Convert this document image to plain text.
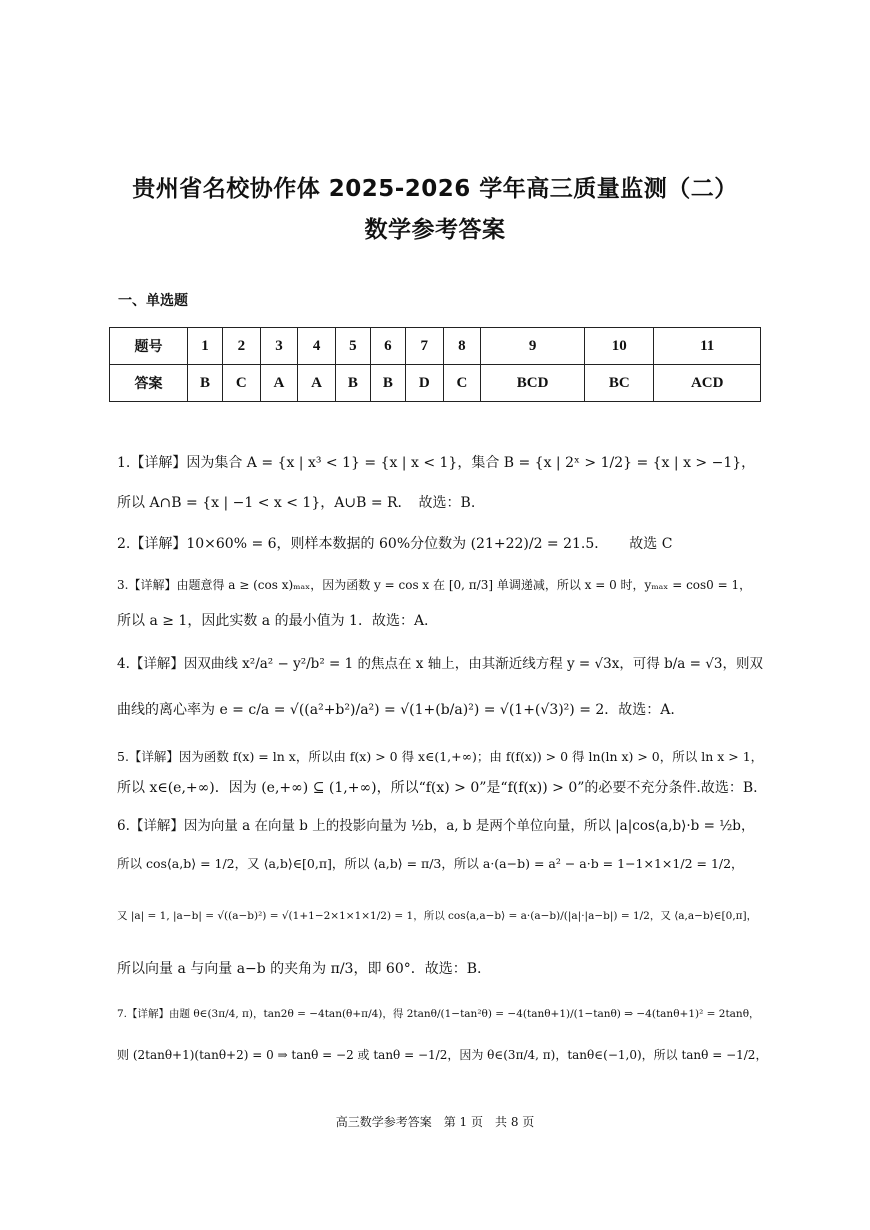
贵州省名校协作体 2025-2026 学年高三质量监测（二）
数学参考答案
一、单选题
题号	1	2	3	4	5	6	7	8	9	10	11
答案	B	C	A	A	B	B	D	C	BCD	BC	ACD
1.【详解】因为集合 A = {x | x³ < 1} = {x | x < 1}，集合 B = {x | 2ˣ > 1/2} = {x | x > −1}，
所以 A∩B = {x | −1 < x < 1}，A∪B = R．　故选：B.
2.【详解】10×60% = 6，则样本数据的 60%分位数为 (21+22)/2 = 21.5．　　故选 C
3.【详解】由题意得 a ≥ (cos x)ₘₐₓ，因为函数 y = cos x 在 [0, π/3] 单调递减，所以 x = 0 时，yₘₐₓ = cos0 = 1，
所以 a ≥ 1，因此实数 a 的最小值为 1．故选：A.
4.【详解】因双曲线 x²/a² − y²/b² = 1 的焦点在 x 轴上，由其渐近线方程 y = √3x，可得 b/a = √3，则双
曲线的离心率为 e = c/a = √((a²+b²)/a²) = √(1+(b/a)²) = √(1+(√3)²) = 2．故选：A.
5.【详解】因为函数 f(x) = ln x，所以由 f(x) > 0 得 x∈(1,+∞)；由 f(f(x)) > 0 得 ln(ln x) > 0，所以 ln x > 1，
所以 x∈(e,+∞)．因为 (e,+∞) ⊆ (1,+∞)，所以“f(x) > 0”是“f(f(x)) > 0”的必要不充分条件.故选：B.
6.【详解】因为向量 a 在向量 b 上的投影向量为 ½b，a, b 是两个单位向量，所以 |a|cos⟨a,b⟩·b = ½b，
所以 cos⟨a,b⟩ = 1/2，又 ⟨a,b⟩∈[0,π]，所以 ⟨a,b⟩ = π/3，所以 a·(a−b) = a² − a·b = 1−1×1×1/2 = 1/2，
又 |a| = 1, |a−b| = √((a−b)²) = √(1+1−2×1×1×1/2) = 1，所以 cos⟨a,a−b⟩ = a·(a−b)/(|a|·|a−b|) = 1/2，又 ⟨a,a−b⟩∈[0,π]，
所以向量 a 与向量 a−b 的夹角为 π/3，即 60°．故选：B.
7.【详解】由题 θ∈(3π/4, π)，tan2θ = −4tan(θ+π/4)，得 2tanθ/(1−tan²θ) = −4(tanθ+1)/(1−tanθ) ⇒ −4(tanθ+1)² = 2tanθ，
则 (2tanθ+1)(tanθ+2) = 0 ⇒ tanθ = −2 或 tanθ = −1/2，因为 θ∈(3π/4, π)，tanθ∈(−1,0)，所以 tanθ = −1/2，
高三数学参考答案　第 1 页　共 8 页
